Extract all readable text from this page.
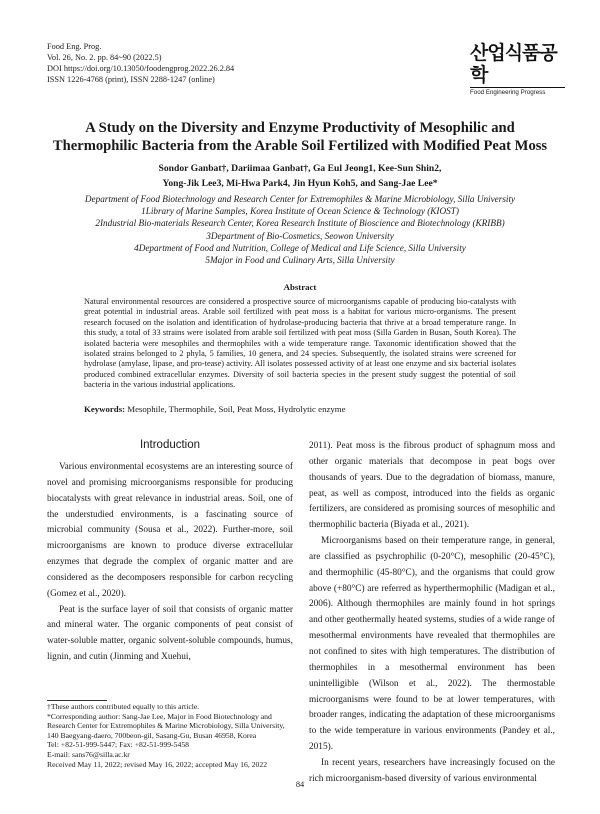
Food Eng. Prog.
Vol. 26, No. 2. pp. 84~90 (2022.5)
DOI https://doi.org/10.13050/foodengprog.2022.26.2.84
ISSN 1226-4768 (print), ISSN 2288-1247 (online)
산업식품공학
Food Engineering Progress
A Study on the Diversity and Enzyme Productivity of Mesophilic and
Thermophilic Bacteria from the Arable Soil Fertilized with Modified Peat Moss
Sondor Ganbat†, Dariimaa Ganbat†, Ga Eul Jeong1, Kee-Sun Shin2,
Yong-Jik Lee3, Mi-Hwa Park4, Jin Hyun Koh5, and Sang-Jae Lee*
Department of Food Biotechnology and Research Center for Extremophiles & Marine Microbiology, Silla University
1Library of Marine Samples, Korea Institute of Ocean Science & Technology (KIOST)
2Industrial Bio-materials Research Center, Korea Research Institute of Bioscience and Biotechnology (KRIBB)
3Department of Bio-Cosmetics, Seowon University
4Department of Food and Nutrition, College of Medical and Life Science, Silla University
5Major in Food and Culinary Arts, Silla University
Abstract
Natural environmental resources are considered a prospective source of microorganisms capable of producing bio-catalysts with great potential in industrial areas. Arable soil fertilized with peat moss is a habitat for various micro-organisms. The present research focused on the isolation and identification of hydrolase-producing bacteria that thrive at a broad temperature range. In this study, a total of 33 strains were isolated from arable soil fertilized with peat moss (Silla Garden in Busan, South Korea). The isolated bacteria were mesophiles and thermophiles with a wide temperature range. Taxonomic identification showed that the isolated strains belonged to 2 phyla, 5 families, 10 genera, and 24 species. Subsequently, the isolated strains were screened for hydrolase (amylase, lipase, and pro-tease) activity. All isolates possessed activity of at least one enzyme and six bacterial isolates produced combined extracellular enzymes. Diversity of soil bacteria species in the present study suggest the potential of soil bacteria in the various industrial applications.
Keywords: Mesophile, Thermophile, Soil, Peat Moss, Hydrolytic enzyme
Introduction

Various environmental ecosystems are an interesting source of novel and promising microorganisms responsible for producing biocatalysts with great relevance in industrial areas. Soil, one of the understudied environments, is a fascinating source of microbial community (Sousa et al., 2022). Further-more, soil microorganisms are known to produce diverse extracellular enzymes that degrade the complex of organic matter and are considered as the decomposers responsible for carbon recycling (Gomez et al., 2020).

Peat is the surface layer of soil that consists of organic matter and mineral water. The organic components of peat consist of water-soluble matter, organic solvent-soluble compounds, humus, lignin, and cutin (Jinming and Xuehui,

2011). Peat moss is the fibrous product of sphagnum moss and other organic materials that decompose in peat bogs over thousands of years. Due to the degradation of biomass, manure, peat, as well as compost, introduced into the fields as organic fertilizers, are considered as promising sources of mesophilic and thermophilic bacteria (Biyada et al., 2021).

Microorganisms based on their temperature range, in general, are classified as psychrophilic (0-20°C), mesophilic (20-45°C), and thermophilic (45-80°C), and the organisms that could grow above (+80°C) are referred as hyperthermophilic (Madigan et al., 2006). Although thermophiles are mainly found in hot springs and other geothermally heated systems, studies of a wide range of mesothermal environments have revealed that thermophiles are not confined to sites with high temperatures. The distribution of thermophiles in a mesothermal environment has been unintelligible (Wilson et al., 2022). The thermostable microorganisms were found to be at lower temperatures, with broader ranges, indicating the adaptation of these microorganisms to the wide temperature in various environments (Pandey et al., 2015).

In recent years, researchers have increasingly focused on the rich microorganism-based diversity of various environmental

†These authors contributed equally to this article.
*Corresponding author: Sang-Jae Lee, Major in Food Biotechnology and Research Center for Extremophiles & Marine Microbiology, Silla University, 140 Baegyang-daero, 700beon-gil, Sasang-Gu, Busan 46958, Korea
Tel: +82-51-999-5447; Fax: +82-51-999-5458
E-mail: sans76@silla.ac.kr
Received May 11, 2022; revised May 16, 2022; accepted May 16, 2022
84
